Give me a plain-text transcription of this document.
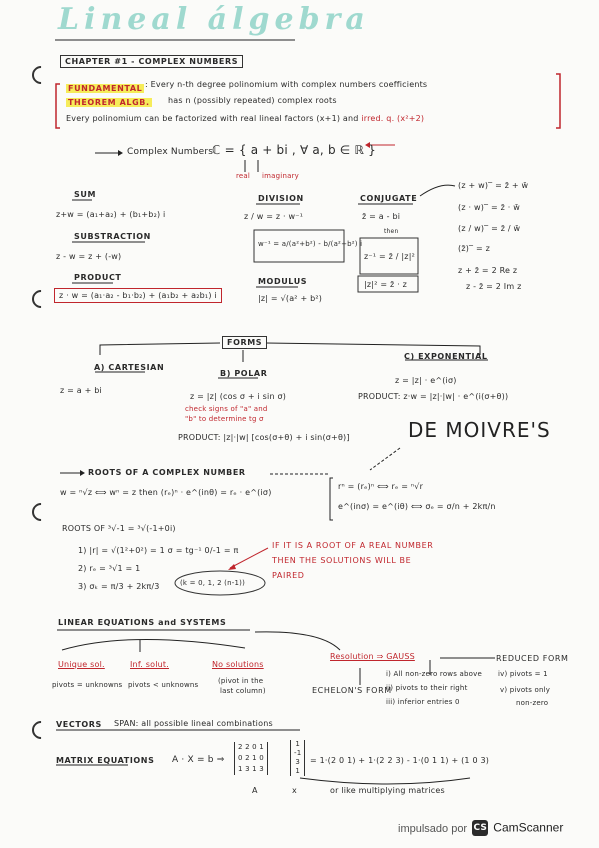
Lineal álgebra
CHAPTER #1 - COMPLEX NUMBERS
FUNDAMENTAL
THEOREM ALGB.
: Every n-th degree polinomium with complex numbers coefficients
has n (possibly repeated) complex roots
Every polinomium can be factorized with real lineal factors (x+1) and irred. q. (x²+2)
Complex Numbers
ℂ = { a + bi , ∀ a, b ∈ ℝ }
real imaginary
SUM
z+w = (a₁+a₂) + (b₁+b₂) i
SUBSTRACTION
z - w = z + (-w)
PRODUCT
z · w = (a₁·a₂ - b₁·b₂) + (a₁b₂ + a₂b₁) i
DIVISION
z / w = z · w⁻¹
w⁻¹ = a/(a²+b²) - b/(a²+b²) i
MODULUS
|z| = √(a² + b²)
CONJUGATE
z̄ = a - bi
then
z⁻¹ = z̄ / |z|²
|z|² = z̄ · z
(z + w)‾ = z̄ + w̄
(z · w)‾ = z̄ · w̄
(z / w)‾ = z̄ / w̄
(z̄)‾ = z
z + z̄ = 2 Re z
z - z̄ = 2 Im z
FORMS
A) CARTESIAN
z = a + bi
B) POLAR
z = |z| (cos σ + i sin σ)
check signs of "a" and
"b" to determine tg σ
PRODUCT: |z|·|w| [cos(σ+θ) + i sin(σ+θ)]
C) EXPONENTIAL
z = |z| · e^(iσ)
PRODUCT: z·w = |z|·|w| · e^(i(σ+θ))
DE MOIVRE'S
ROOTS OF A COMPLEX NUMBER
w = ⁿ√z ⟺ wⁿ = z then (rₑ)ⁿ · e^(inθ) = rₑ · e^(iσ)
rⁿ = (rₑ)ⁿ ⟺ rₑ = ⁿ√r
e^(inσ) = e^(iθ) ⟺ σₑ = σ/n + 2kπ/n
ROOTS OF ³√-1 = ³√(-1+0i)
1) |r| = √(1²+0²) = 1 σ = tg⁻¹ 0/-1 = π
2) rₑ = ³√1 = 1
3) σₖ = π/3 + 2kπ/3	(k = 0, 1, 2 (n-1))
IF IT IS A ROOT OF A REAL NUMBER
THEN THE SOLUTIONS WILL BE
PAIRED
LINEAR EQUATIONS and SYSTEMS
Unique sol.
pivots = unknowns
Inf. solut.
pivots < unknowns
No solutions
(pivot in the
last column)
Resolution ⇒ GAUSS
ECHELON'S FORM
i) All non-zero rows above
ii) pivots to their right
iii) inferior entries 0
REDUCED FORM
iv) pivots = 1
v) pivots only
non-zero
VECTORS SPAN: all possible lineal combinations
MATRIX EQUATIONS A · X = b ⇒
2 2 0 1
0 2 1 0
1 3 1 3
1
-1
3
1
= 1·(2 0 1) + 1·(2 2 3) - 1·(0 1 1) + (1 0 3)
A	x	or like multiplying matrices
impulsado por CS CamScanner
